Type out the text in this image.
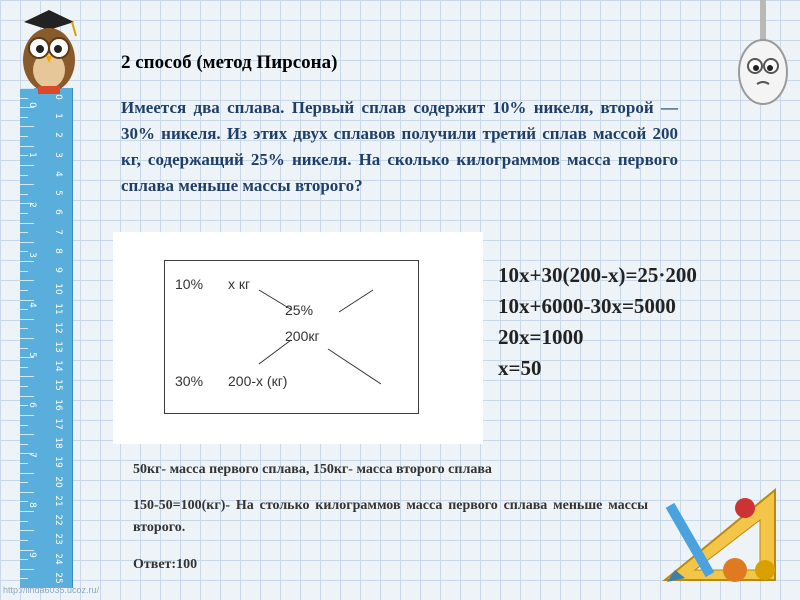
0
1
2
3
4
5
6
7
8
9
10
11
12
13
14
15
16
17
18
19
20
21
22
23
24
25
0
1
2
3
4
5
6
7
8
9
2 способ (метод Пирсона)
Имеется два сплава. Первый сплав содержит 10% никеля, второй — 30% никеля. Из этих двух сплавов получили третий сплав массой 200 кг, содержащий 25% никеля. На сколько килограммов масса первого сплава меньше массы второго?
10% х кг
25%
200кг
30% 200-х (кг)
10х+30(200-х)=25·200
10х+6000-30х=5000
20х=1000
х=50
50кг- масса первого сплава, 150кг- масса второго сплава
150-50=100(кг)- На столько килограммов масса первого сплава меньше массы второго.
Ответ:100
http://linda6035.ucoz.ru/
